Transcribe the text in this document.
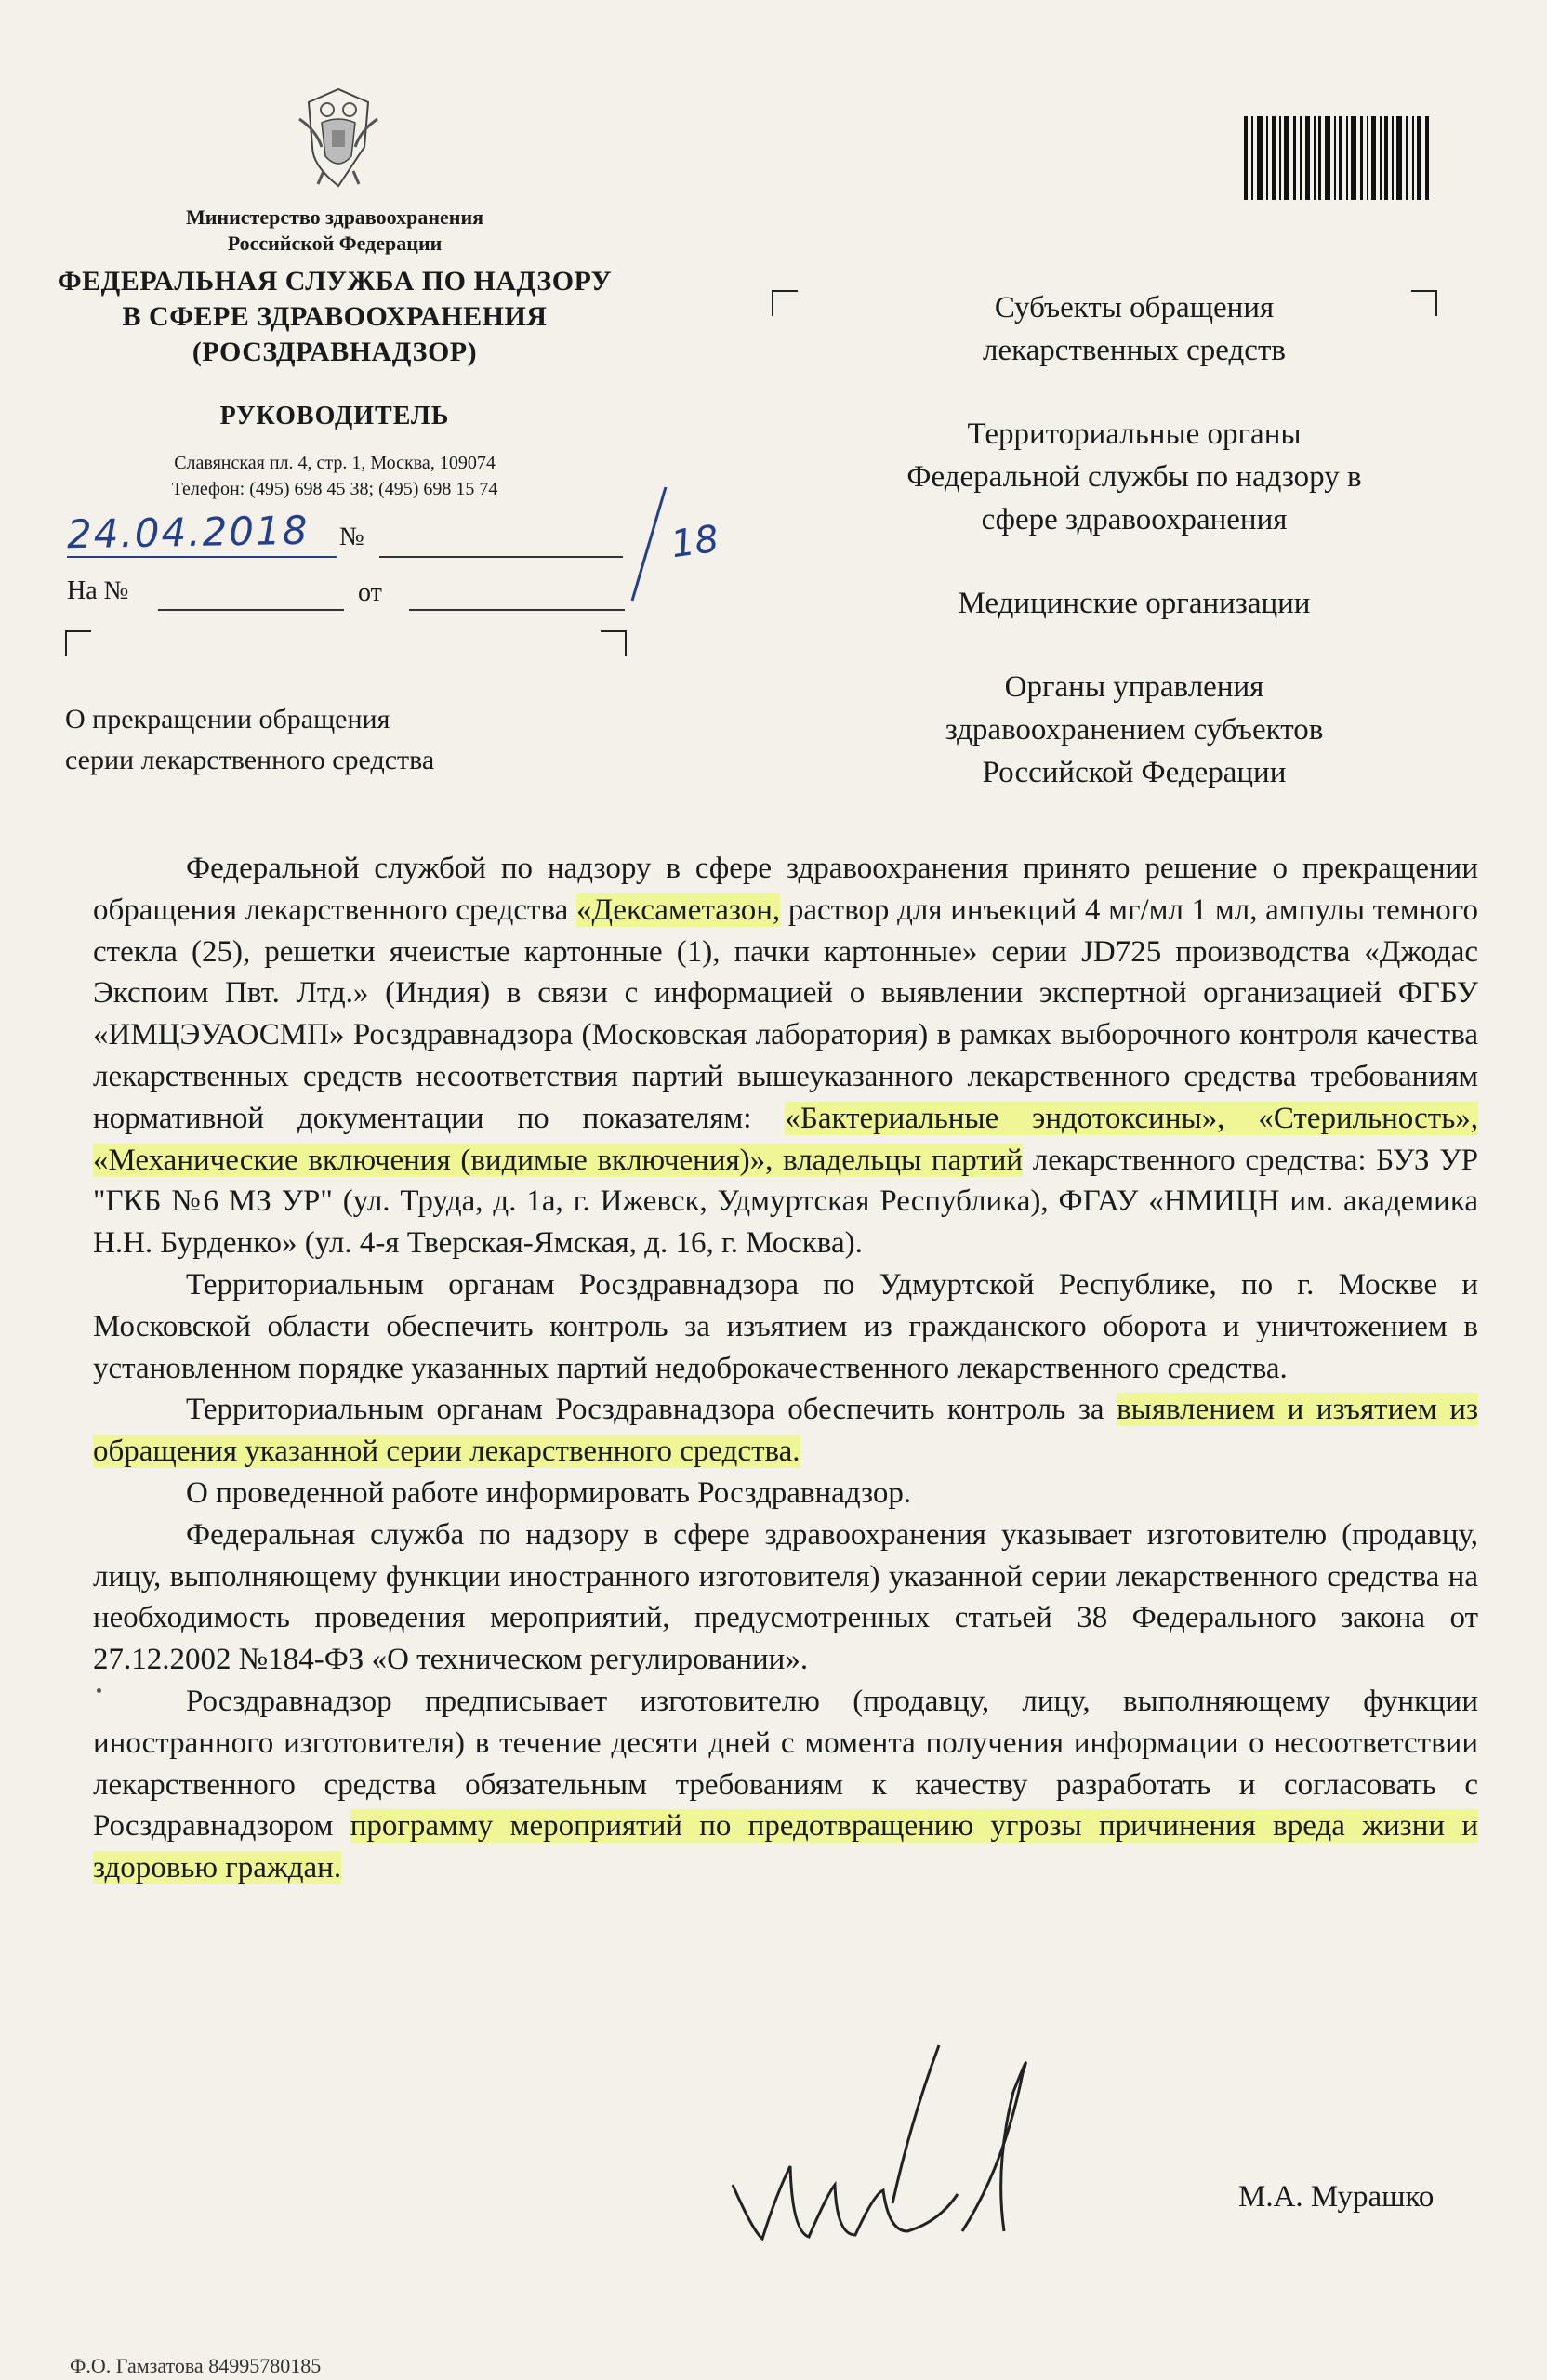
Министерство здравоохранения
Российской Федерации
ФЕДЕРАЛЬНАЯ СЛУЖБА ПО НАДЗОРУ
В СФЕРЕ ЗДРАВООХРАНЕНИЯ
(РОСЗДРАВНАДЗОР)
РУКОВОДИТЕЛЬ
Славянская пл. 4, стр. 1, Москва, 109074
Телефон: (495) 698 45 38; (495) 698 15 74
24.04.2018 №	18
На №	от
О прекращении обращения
серии лекарственного средства
Субъекты обращения
лекарственных средств
Территориальные органы
Федеральной службы по надзору в
сфере здравоохранения
Медицинские организации
Органы управления
здравоохранением субъектов
Российской Федерации

Федеральной службой по надзору в сфере здравоохранения принято решение о прекращении обращения лекарственного средства «Дексаметазон, раствор для инъекций 4 мг/мл 1 мл, ампулы темного стекла (25), решетки ячеистые картонные (1), пачки картонные» серии JD725 производства «Джодас Экспоим Пвт. Лтд.» (Индия) в связи с информацией о выявлении экспертной организацией ФГБУ «ИМЦЭУАОСМП» Росздравнадзора (Московская лаборатория) в рамках выборочного контроля качества лекарственных средств несоответствия партий вышеуказанного лекарственного средства требованиям нормативной документации по показателям: «Бактериальные эндотоксины», «Стерильность», «Механические включения (видимые включения)», владельцы партий лекарственного средства: БУЗ УР "ГКБ №6 МЗ УР" (ул. Труда, д. 1а, г. Ижевск, Удмуртская Республика), ФГАУ «НМИЦН им. академика Н.Н. Бурденко» (ул. 4-я Тверская-Ямская, д. 16, г. Москва).

Территориальным органам Росздравнадзора по Удмуртской Республике, по г. Москве и Московской области обеспечить контроль за изъятием из гражданского оборота и уничтожением в установленном порядке указанных партий недоброкачественного лекарственного средства.

Территориальным органам Росздравнадзора обеспечить контроль за выявлением и изъятием из обращения указанной серии лекарственного средства.

О проведенной работе информировать Росздравнадзор.

Федеральная служба по надзору в сфере здравоохранения указывает изготовителю (продавцу, лицу, выполняющему функции иностранного изготовителя) указанной серии лекарственного средства на необходимость проведения мероприятий, предусмотренных статьей 38 Федерального закона от 27.12.2002 №184-ФЗ «О техническом регулировании».

Росздравнадзор предписывает изготовителю (продавцу, лицу, выполняющему функции иностранного изготовителя) в течение десяти дней с момента получения информации о несоответствии лекарственного средства обязательным требованиям к качеству разработать и согласовать с Росздравнадзором программу мероприятий по предотвращению угрозы причинения вреда жизни и здоровью граждан.

М.А. Мурашко
Ф.О. Гамзатова 84995780185
